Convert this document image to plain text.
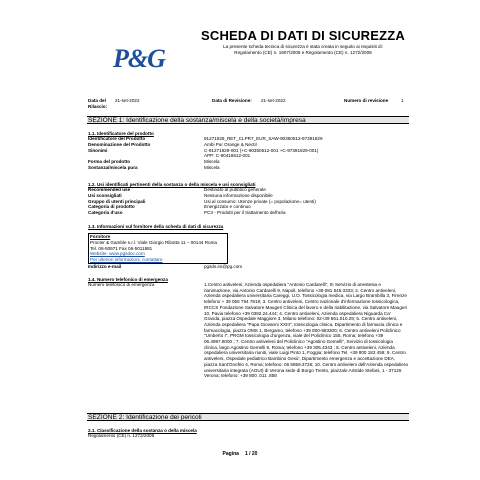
P&G
SCHEDA DI DATI DI SICUREZZA
La presente scheda tecnica di sicurezza è stata creata in seguito ai requisiti di:
Regolamento (CE) n. 1907/2006 e Regolamento (CE) n. 1272/2008
Data del Rilascio:
21-set-2022	Data di Revisione: 21-set-2022	Numero di revisione	1
SEZIONE 1: Identificazione della sostanza/miscela e della società/impresa
1.1. Identificatore del prodotto
Identificatore del Prodotto	91271929_RET_CLPR7_EUR_SAW-90350512-97391829
Denominazione del Prodotto	Ambi Pur Orange & Nectil
Sinonimi	C-91271929-001 (+C-90350512-001 +C-97391829-001)
APP: C-90416812-001
Forma del prodotto	Miscela
Sostanza/miscela pura	Miscela
1.2. Usi identificati pertinenti della sostanza o della miscela e usi sconsigliati
Recommended use	Destinato al pubblico generale
Usi sconsigliati	Nessuna informazione disponibile
Gruppo di utenti principali	Usi al consumo: Utenze private (= popolazione= utenti)
Categoria di prodotto	Energizzato e continuo
Categoria d'uso	PC3 - Prodotti per il trattamento dell'aria
1.3. Informazioni sul fornitore della scheda di dati di sicurezza
Fornitore
Procter & Gamble s.r.l. Viale Giorgio Ribotta 11 – 00144 Roma
Tel. 06-50971 Fax 06-5011881
Website: www.pgsdoc.com
Per ulteriori informazioni, contattare
Indirizzo e-mail	pgsds.im@pg.com
1.4. Numero telefonico di emergenza
Numero telefonico di emergenza	1.Centro antiveleni, Azienda ospedaliera "Antonio Cardarelli", III Servizio di anestesia e rianimazione, via Antonio Cardarelli 9, Napoli, telefono +39 081 545.3333; 2. Centro antiveleni, Azienda ospedaliera universitaria Careggi, U.O. Tossicologia medica, via Largo Brambilla 3, Firenze telefono + 39 055 794 7819; 3. Centro antiveleni, Centro nazionale d'informazione tossicologica, IRCCS Fondazione Salvatore Maugeri Clinica del lavoro e della riabilitazione, via Salvatore Maugeri 10, Pavia telefono +39 0382.24.444; 4. Centro antiveleni, Azienda ospedaliera Niguarda Ca' Granda, piazza Ospedale Maggiore 3, Milano telefono: 02+39 661.010.29; 5. Centro antiveleni, Azienda ospedaliera "Papa Giovanni XXIII", tossicologia clinica, Dipartimento di farmacia clinica e farmacologia, piazza OMS 1, Bergamo, telefono +39 800-883300; 6. Centro antiveleni Policlinico "Umberto I", PRGM tossicologia d'urgenza, viale del Policlinico 155, Roma; telefono +39 06.4997.8000 ; 7. Centro antiveleni del Policlinico "Agostino Gemelli", Servizio di tossicologia clinica, largo Agostino Gemelli 8, Roma; telefono +39 305.4343 ; 8. Centro antiveleni, Azienda ospedaliera universitaria riuniti, viale Luigi Pinto 1, Foggia; telefono Tel. +39 800 183 459; 9. Centro antiveleni, Ospedale pediatrico Bambino Gesù', Dipartimento emergenza e accettazione DEA, piazza Sant'Onofrio 4, Roma; telefono: 06 6859.3726; 10. Centro antiveleni dell'Azienda ospedaliera universitaria integrata (AOUI) di Verona sede di Borgo Trento, piazzale Aristide Stefani, 1 - 37126 Verona; telefono: +39 800 .011 .858
SEZIONE 2: Identificazione dei pericoli
2.1. Classificazione della sostanza o della miscela
Regolamento (CE) n. 1272/2008
Pagina 1 / 20
